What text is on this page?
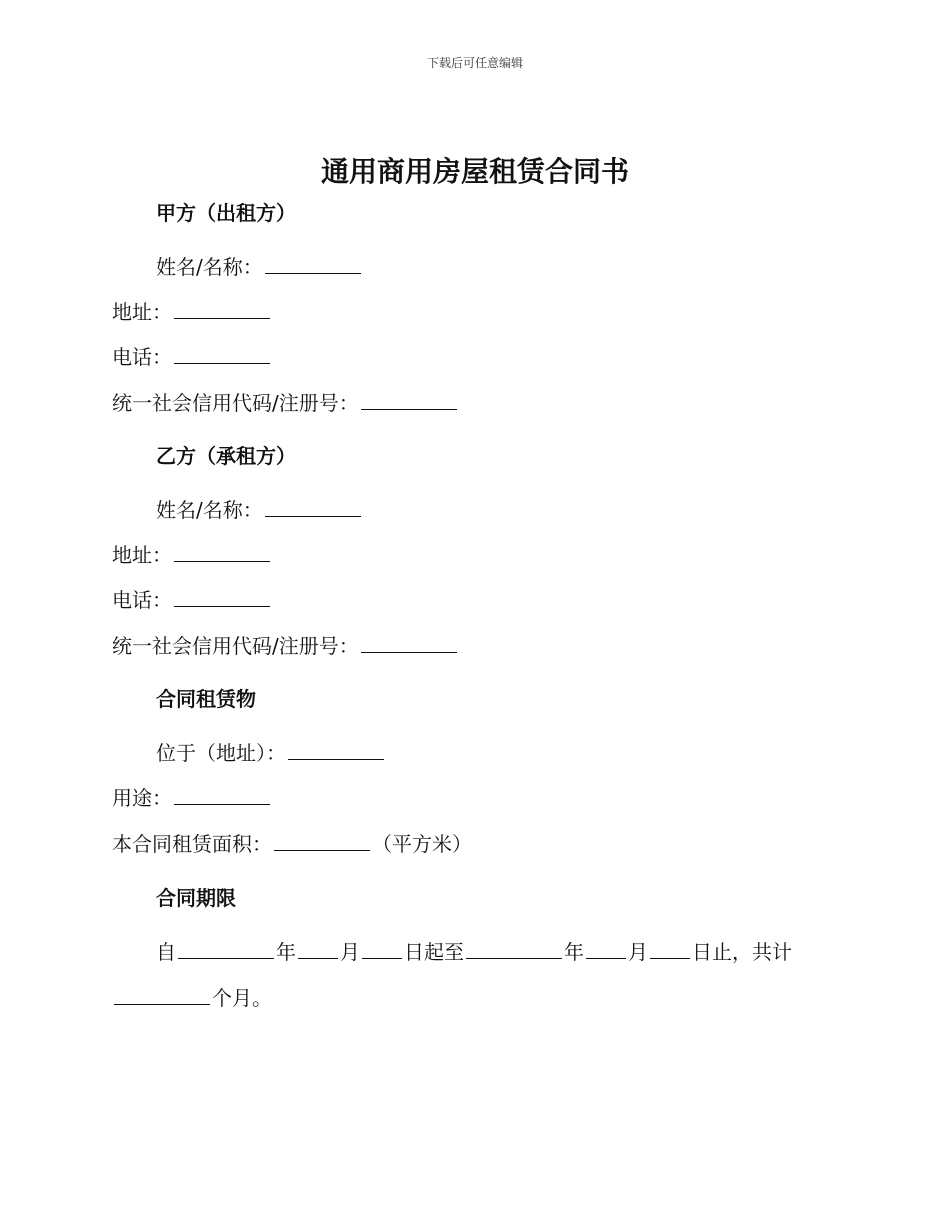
下载后可任意编辑
通用商用房屋租赁合同书
甲方（出租方）
姓名/名称：
地址：
电话：
统一社会信用代码/注册号：
乙方（承租方）
姓名/名称：
地址：
电话：
统一社会信用代码/注册号：
合同租赁物
位于（地址）：
用途：
本合同租赁面积：	（平方米）
合同期限
自	年 月 日起至	年 月 日止，共计
个月。
